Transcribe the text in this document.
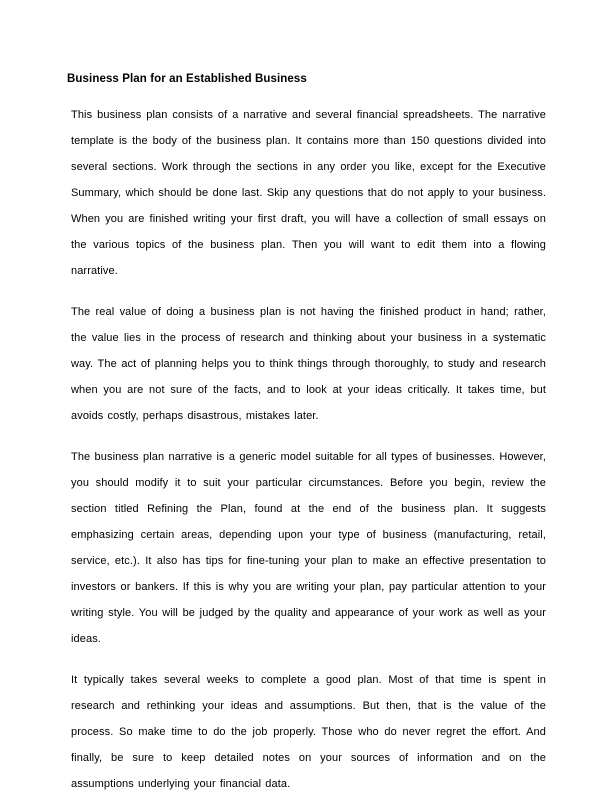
Business Plan for an Established Business

This business plan consists of a narrative and several financial spreadsheets. The narrative template is the body of the business plan. It contains more than 150 questions divided into several sections. Work through the sections in any order you like, except for the Executive Summary, which should be done last. Skip any questions that do not apply to your business. When you are finished writing your first draft, you will have a collection of small essays on the various topics of the business plan. Then you will want to edit them into a flowing narrative.

The real value of doing a business plan is not having the finished product in hand; rather, the value lies in the process of research and thinking about your business in a systematic way. The act of planning helps you to think things through thoroughly, to study and research when you are not sure of the facts, and to look at your ideas critically. It takes time, but avoids costly, perhaps disastrous, mistakes later.

The business plan narrative is a generic model suitable for all types of businesses. However, you should modify it to suit your particular circumstances. Before you begin, review the section titled Refining the Plan, found at the end of the business plan. It suggests emphasizing certain areas, depending upon your type of business (manufacturing, retail, service, etc.). It also has tips for fine-tuning your plan to make an effective presentation to investors or bankers. If this is why you are writing your plan, pay particular attention to your writing style. You will be judged by the quality and appearance of your work as well as your ideas.

It typically takes several weeks to complete a good plan. Most of that time is spent in research and rethinking your ideas and assumptions. But then, that is the value of the process. So make time to do the job properly. Those who do never regret the effort. And finally, be sure to keep detailed notes on your sources of information and on the assumptions underlying your financial data.
